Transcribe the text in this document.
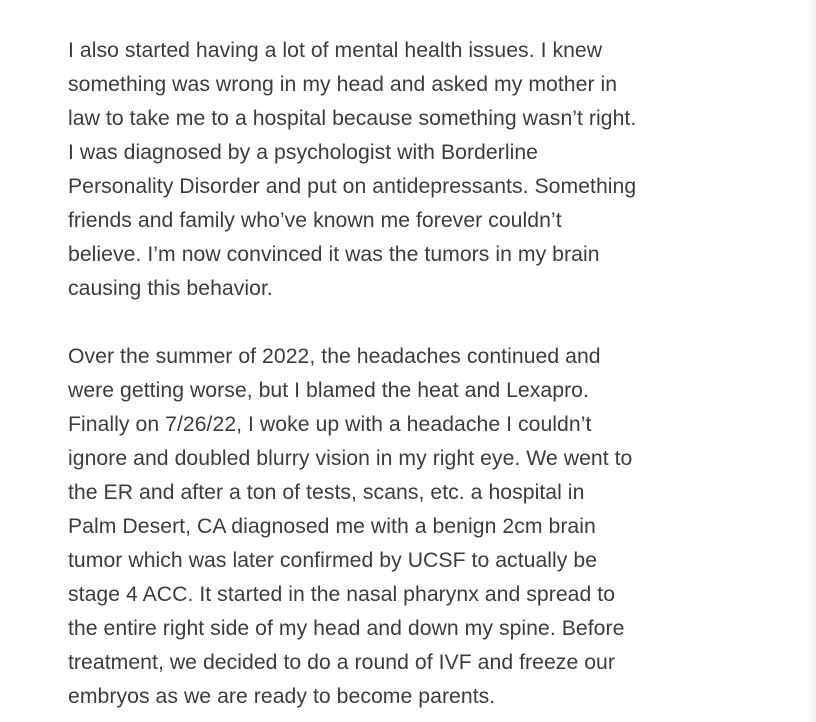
I also started having a lot of mental health issues. I knew
something was wrong in my head and asked my mother in
law to take me to a hospital because something wasn’t right.
I was diagnosed by a psychologist with Borderline
Personality Disorder and put on antidepressants. Something
friends and family who’ve known me forever couldn’t
believe. I’m now convinced it was the tumors in my brain
causing this behavior.
Over the summer of 2022, the headaches continued and
were getting worse, but I blamed the heat and Lexapro.
Finally on 7/26/22, I woke up with a headache I couldn’t
ignore and doubled blurry vision in my right eye. We went to
the ER and after a ton of tests, scans, etc. a hospital in
Palm Desert, CA diagnosed me with a benign 2cm brain
tumor which was later confirmed by UCSF to actually be
stage 4 ACC. It started in the nasal pharynx and spread to
the entire right side of my head and down my spine. Before
treatment, we decided to do a round of IVF and freeze our
embryos as we are ready to become parents.
